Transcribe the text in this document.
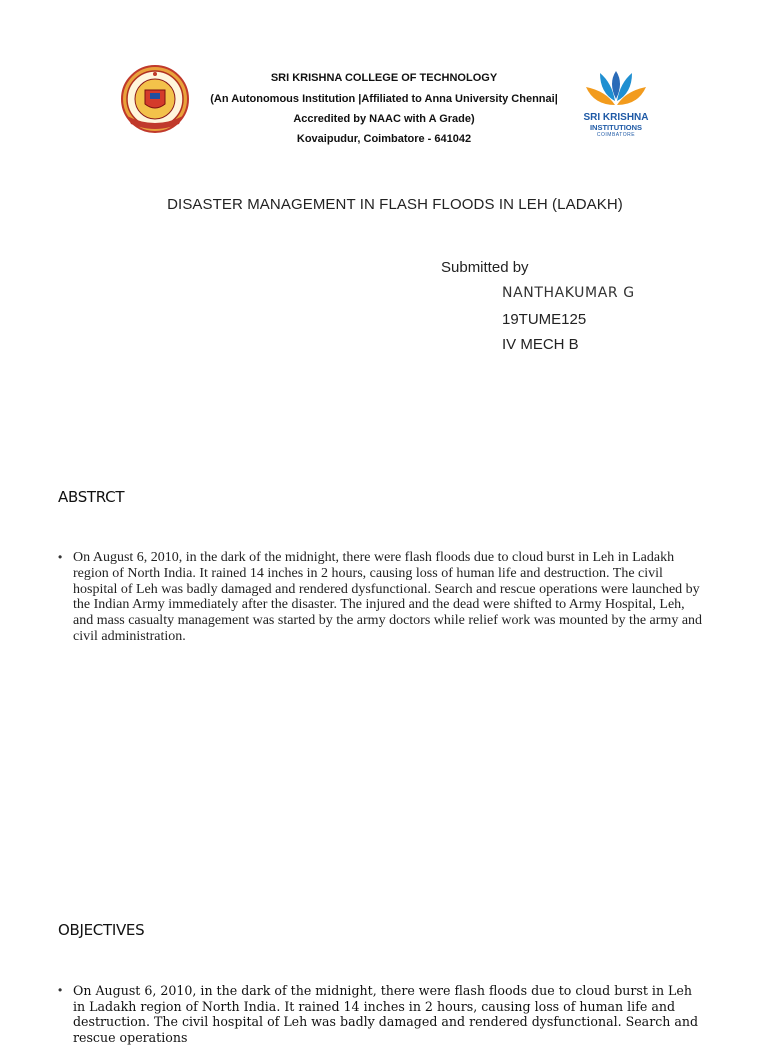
SRI KRISHNA COLLEGE OF TECHNOLOGY
(An Autonomous Institution |Affiliated to Anna University Chennai|
Accredited by NAAC with A Grade)
Kovaipudur, Coimbatore - 641042
SRI KRISHNA
INSTITUTIONS
COIMBATORE
DISASTER MANAGEMENT IN FLASH FLOODS IN LEH (LADAKH)
Submitted by
NANTHAKUMAR G
19TUME125
IV MECH B
ABSTRCT
• On August 6, 2010, in the dark of the midnight, there were flash floods due to cloud burst in Leh in Ladakh region of North India. It rained 14 inches in 2 hours, causing loss of human life and destruction. The civil hospital of Leh was badly damaged and rendered dysfunctional. Search and rescue operations were launched by the Indian Army immediately after the disaster. The injured and the dead were shifted to Army Hospital, Leh, and mass casualty management was started by the army doctors while relief work was mounted by the army and civil administration.
OBJECTIVES
• On August 6, 2010, in the dark of the midnight, there were flash floods due to cloud burst in Leh in Ladakh region of North India. It rained 14 inches in 2 hours, causing loss of human life and destruction. The civil hospital of Leh was badly damaged and rendered dysfunctional. Search and rescue operations
